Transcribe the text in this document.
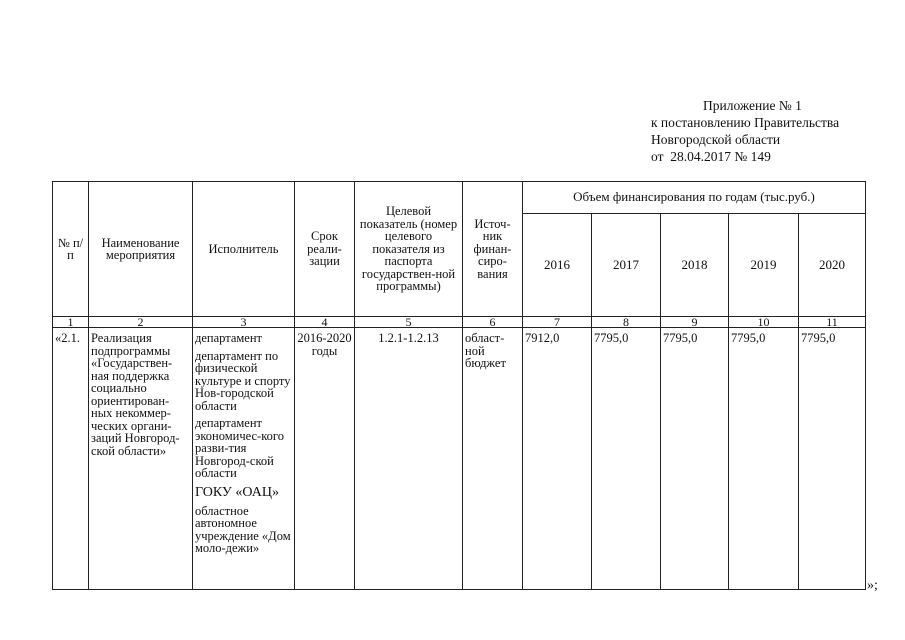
Приложение № 1
к постановлению Правительства
Новгородской области
от 28.04.2017 № 149
№ п/п	Наименование мероприятия	Исполнитель	Срок реали-зации	Целевой показатель (номер целевого показателя из паспорта государствен-ной программы)	Источ-ник финан-сиро-вания	Объем финансирования по годам (тыс.руб.)				
						2016	2017	2018	2019	2020
1	2	3	4	5	6	7	8	9	10	11
«2.1.	Реализация подпрограммы «Государствен-ная поддержка социально ориентирован-ных некоммер-ческих органи-заций Новгород-ской области»	департамент
департамент по физической культуре и спорту Нов-городской области
департамент экономичес-кого разви-тия Новгород-ской области
ГОКУ «ОАЦ»
областное автономное учреждение «Дом моло-дежи»	2016-2020 годы	1.2.1-1.2.13	област-ной бюджет	7912,0	7795,0	7795,0	7795,0	7795,0
»;
